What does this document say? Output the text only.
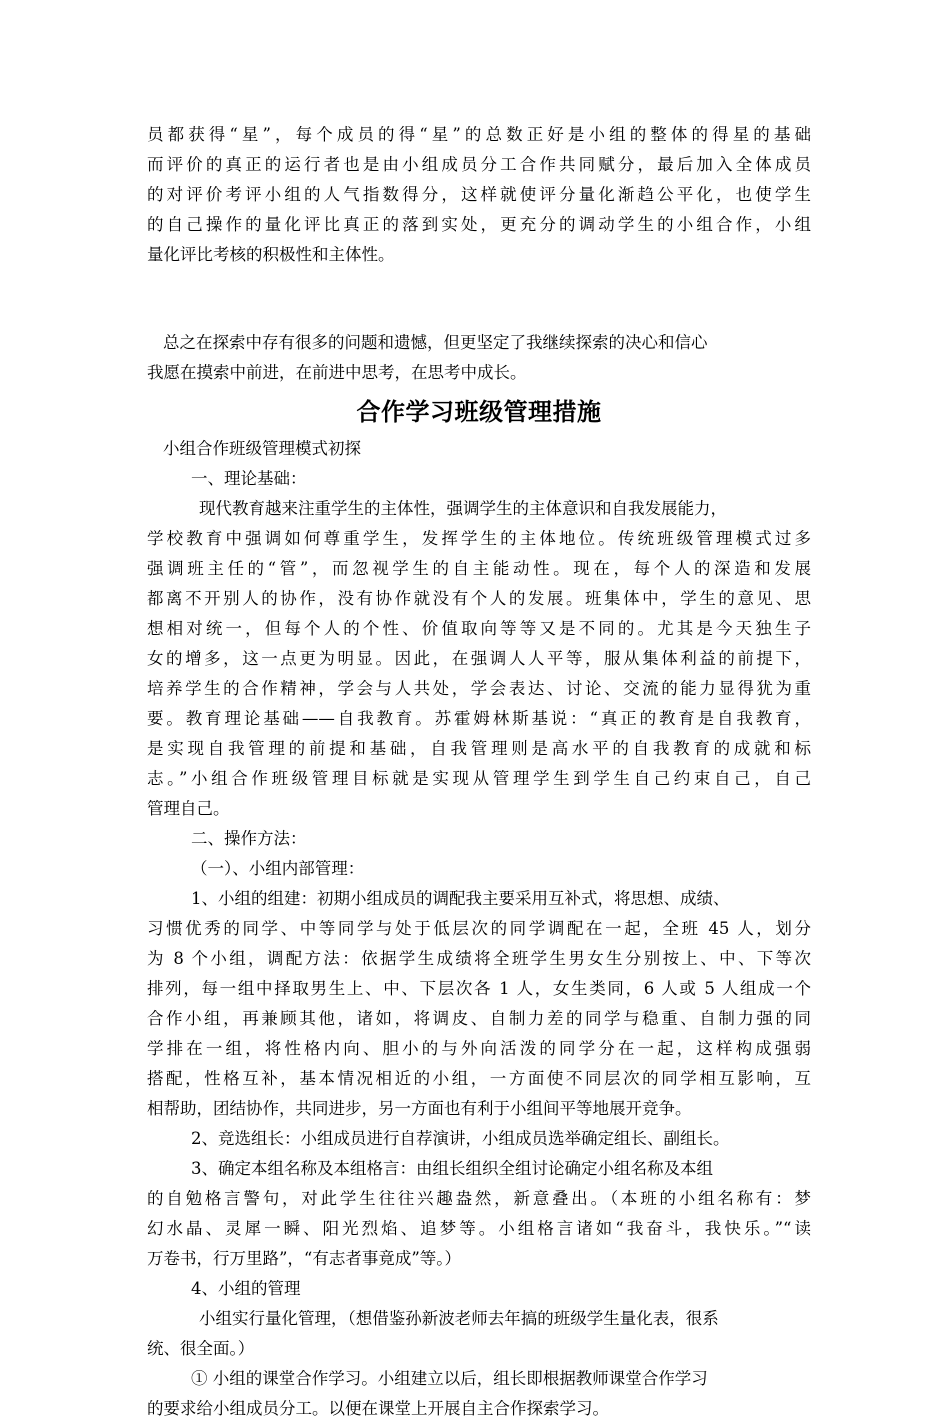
员都获得“星”，每个成员的得“星”的总数正好是小组的整体的得星的基础
而评价的真正的运行者也是由小组成员分工合作共同赋分，最后加入全体成员
的对评价考评小组的人气指数得分，这样就使评分量化渐趋公平化，也使学生
的自己操作的量化评比真正的落到实处，更充分的调动学生的小组合作，小组
量化评比考核的积极性和主体性。
总之在探索中存有很多的问题和遗憾，但更坚定了我继续探索的决心和信心
我愿在摸索中前进，在前进中思考，在思考中成长。
合作学习班级管理措施
小组合作班级管理模式初探
一、理论基础：
现代教育越来注重学生的主体性，强调学生的主体意识和自我发展能力，
学校教育中强调如何尊重学生，发挥学生的主体地位。传统班级管理模式过多
强调班主任的“管”，而忽视学生的自主能动性。现在，每个人的深造和发展
都离不开别人的协作，没有协作就没有个人的发展。班集体中，学生的意见、思
想相对统一，但每个人的个性、价值取向等等又是不同的。尤其是今天独生子
女的增多，这一点更为明显。因此，在强调人人平等，服从集体利益的前提下，
培养学生的合作精神，学会与人共处，学会表达、讨论、交流的能力显得犹为重
要。教育理论基础——自我教育。苏霍姆林斯基说：“真正的教育是自我教育，
是实现自我管理的前提和基础，自我管理则是高水平的自我教育的成就和标
志。”小组合作班级管理目标就是实现从管理学生到学生自己约束自己，自己
管理自己。
二、操作方法：
（一）、小组内部管理：
1、小组的组建：初期小组成员的调配我主要采用互补式，将思想、成绩、
习惯优秀的同学、中等同学与处于低层次的同学调配在一起，全班 45 人，划分
为 8 个小组，调配方法：依据学生成绩将全班学生男女生分别按上、中、下等次
排列，每一组中择取男生上、中、下层次各 1 人，女生类同，6 人或 5 人组成一个
合作小组，再兼顾其他，诸如，将调皮、自制力差的同学与稳重、自制力强的同
学排在一组，将性格内向、胆小的与外向活泼的同学分在一起，这样构成强弱
搭配，性格互补，基本情况相近的小组，一方面使不同层次的同学相互影响，互
相帮助，团结协作，共同进步，另一方面也有利于小组间平等地展开竞争。
2、竞选组长：小组成员进行自荐演讲，小组成员选举确定组长、副组长。
3、确定本组名称及本组格言：由组长组织全组讨论确定小组名称及本组
的自勉格言警句，对此学生往往兴趣盎然，新意叠出。（本班的小组名称有：梦
幻水晶、灵犀一瞬、阳光烈焰、追梦等。小组格言诸如“我奋斗，我快乐。”“读
万卷书，行万里路”，“有志者事竟成”等。）
4、小组的管理
小组实行量化管理，（想借鉴孙新波老师去年搞的班级学生量化表，很系
统、很全面。）
① 小组的课堂合作学习。小组建立以后，组长即根据教师课堂合作学习
的要求给小组成员分工。以便在课堂上开展自主合作探索学习。
